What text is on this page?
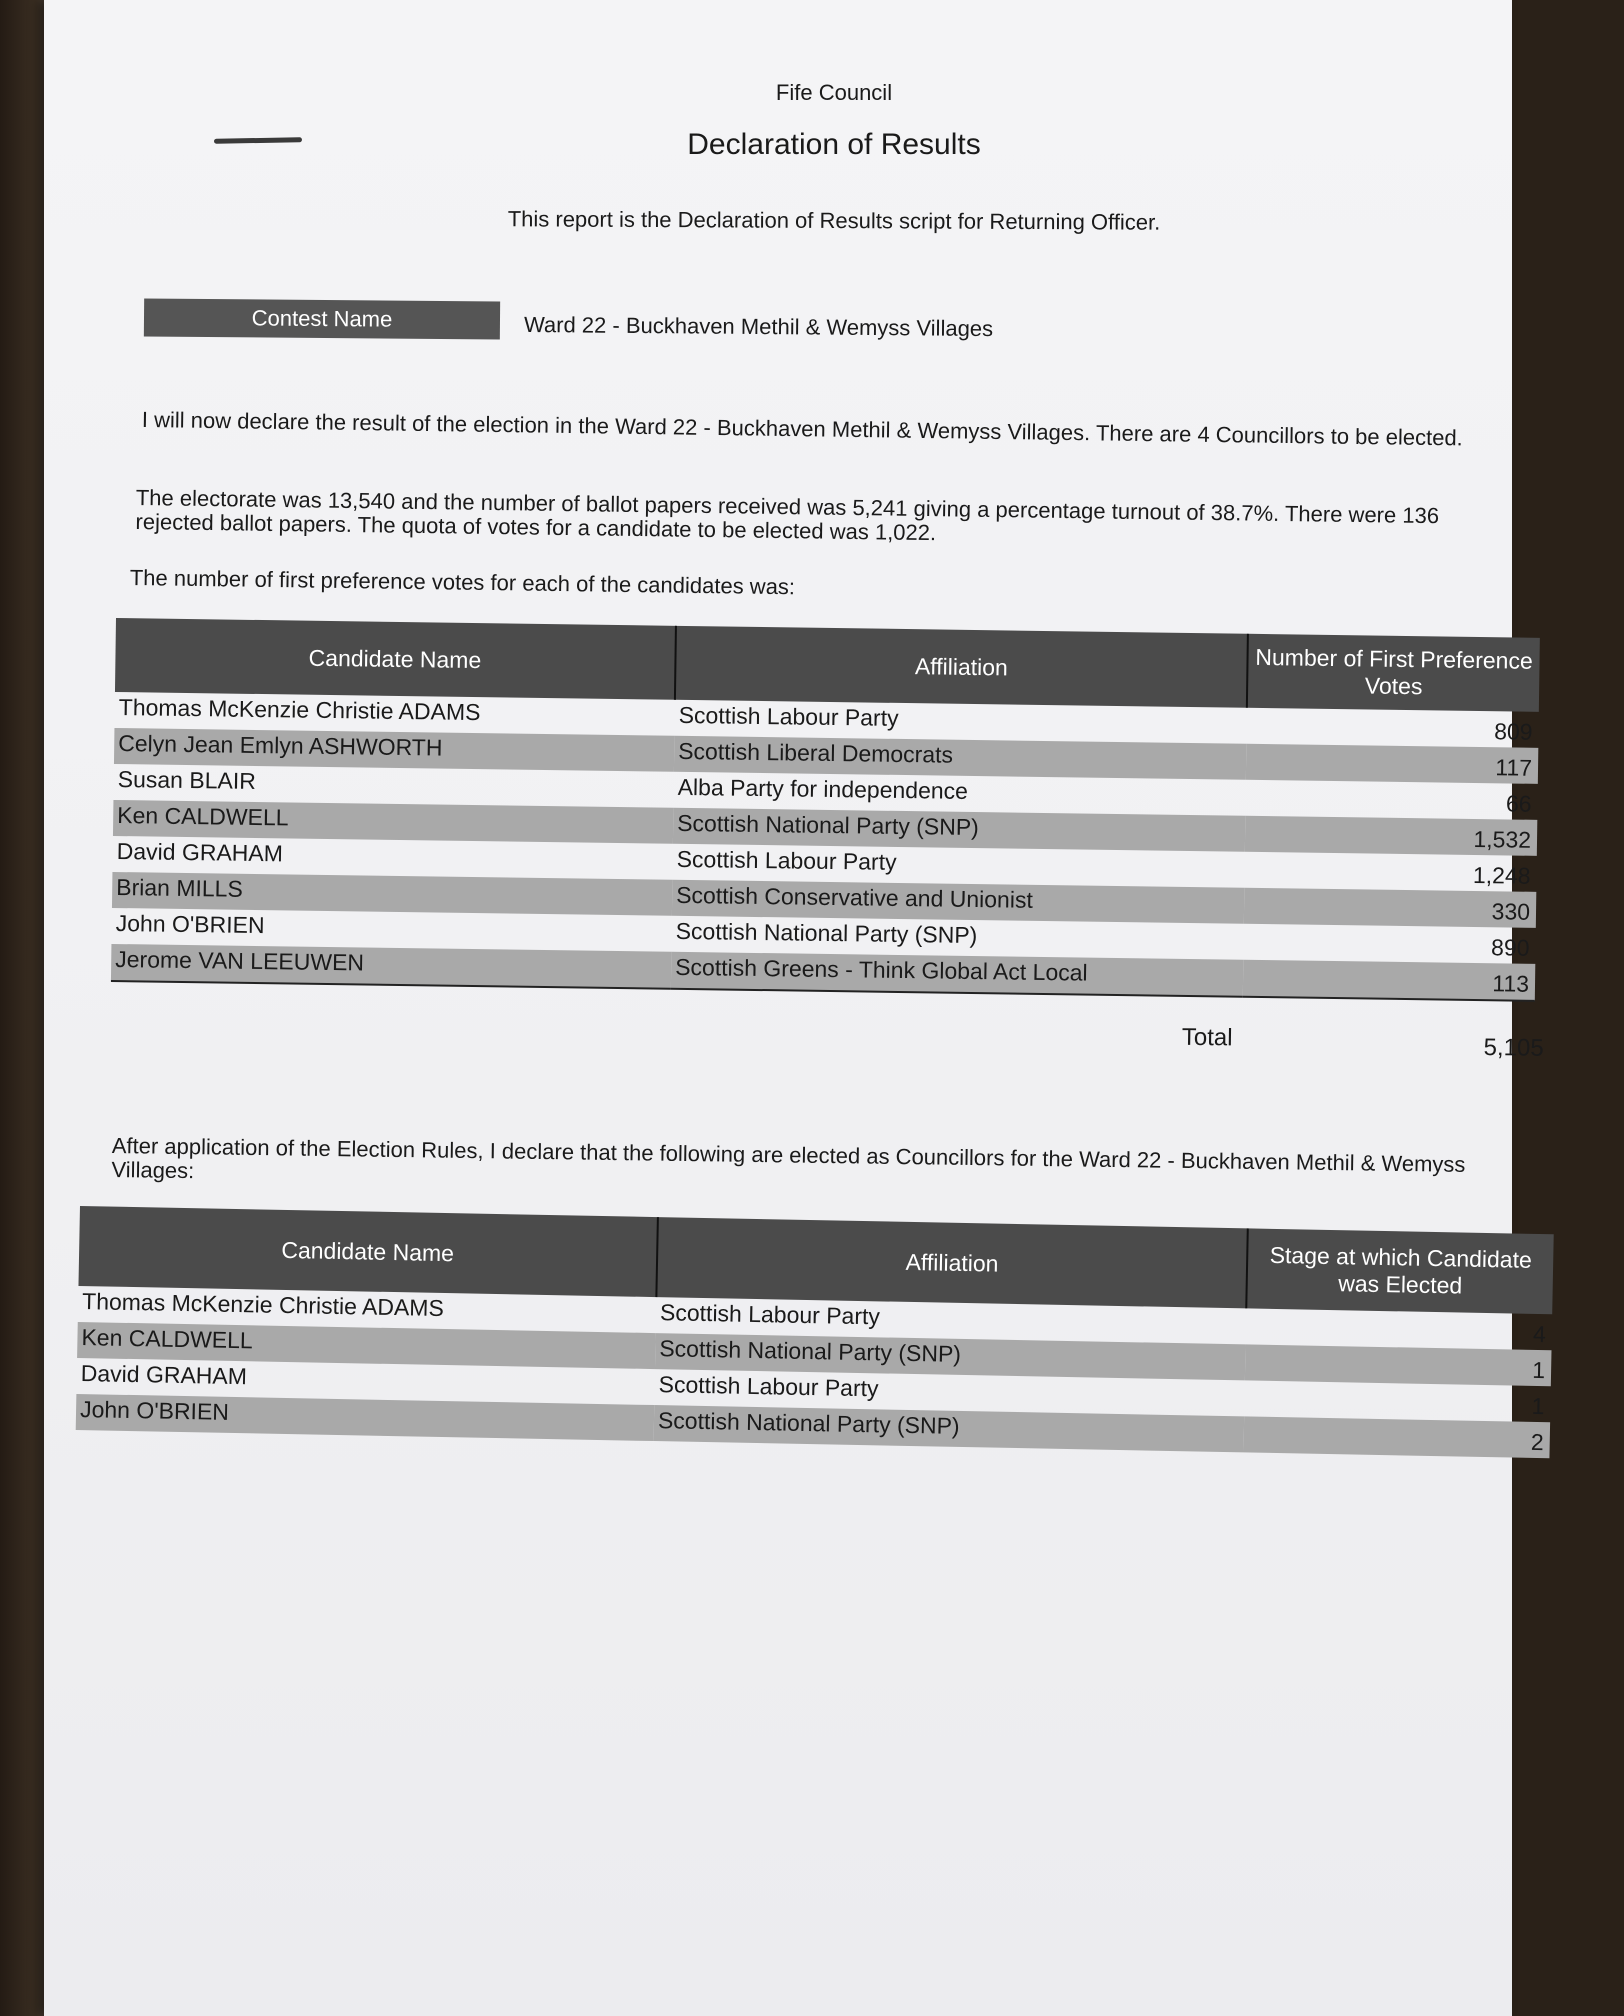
Fife Council
Declaration of Results
This report is the Declaration of Results script for Returning Officer.
Contest Name	Ward 22 - Buckhaven Methil & Wemyss Villages
I will now declare the result of the election in the Ward 22 - Buckhaven Methil & Wemyss Villages. There are 4 Councillors to be elected.
The electorate was 13,540 and the number of ballot papers received was 5,241 giving a percentage turnout of 38.7%. There were 136 rejected ballot papers. The quota of votes for a candidate to be elected was 1,022.
The number of first preference votes for each of the candidates was:
Candidate Name	Affiliation	Number of First Preference Votes
Thomas McKenzie Christie ADAMS	Scottish Labour Party	809
Celyn Jean Emlyn ASHWORTH	Scottish Liberal Democrats	117
Susan BLAIR	Alba Party for independence	66
Ken CALDWELL	Scottish National Party (SNP)	1,532
David GRAHAM	Scottish Labour Party	1,248
Brian MILLS	Scottish Conservative and Unionist	330
John O'BRIEN	Scottish National Party (SNP)	890
Jerome VAN LEEUWEN	Scottish Greens - Think Global Act Local	113
Total	5,105
After application of the Election Rules, I declare that the following are elected as Councillors for the Ward 22 - Buckhaven Methil & Wemyss Villages:
Candidate Name	Affiliation	Stage at which Candidate was Elected
Thomas McKenzie Christie ADAMS	Scottish Labour Party	4
Ken CALDWELL	Scottish National Party (SNP)	1
David GRAHAM	Scottish Labour Party	1
John O'BRIEN	Scottish National Party (SNP)	2
